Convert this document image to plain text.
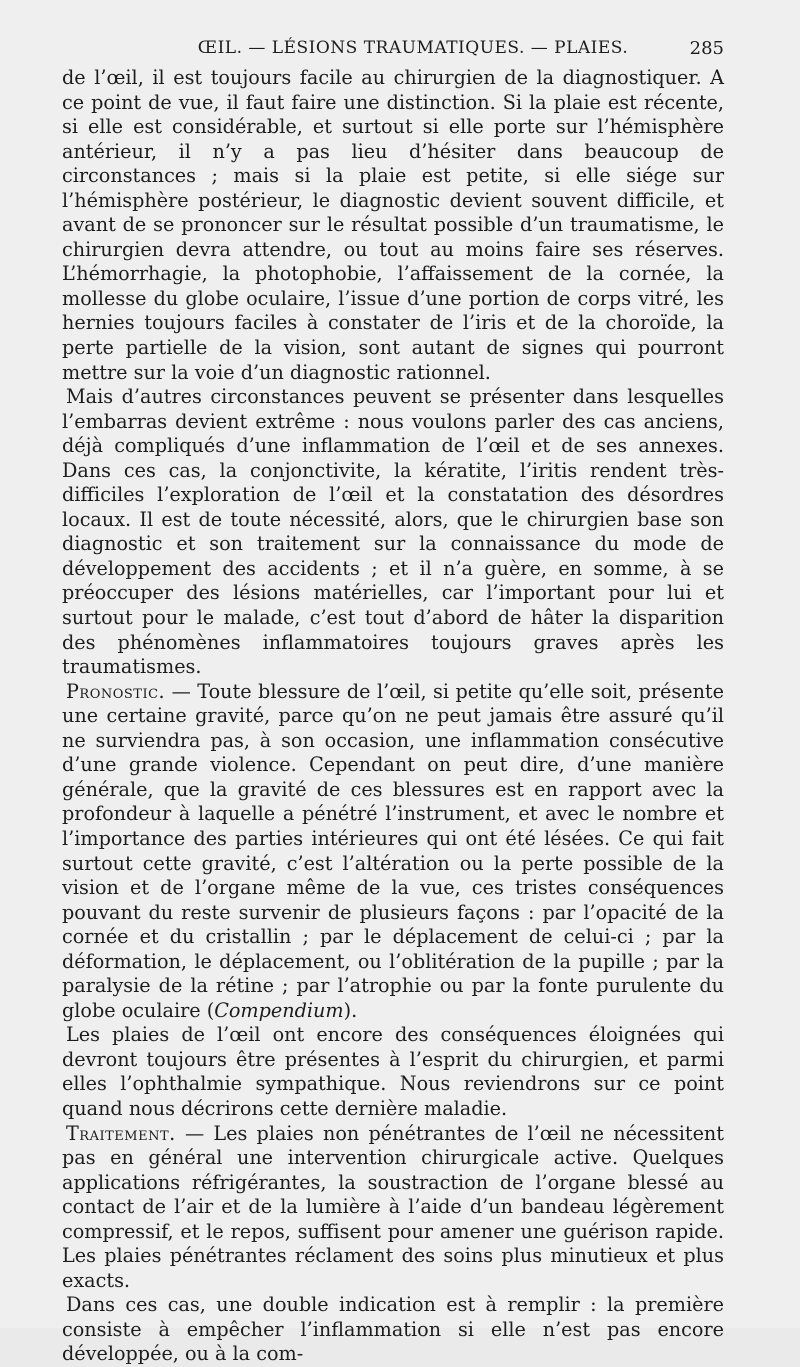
ŒIL. — LÉSIONS TRAUMATIQUES. — PLAIES.	285

de l’œil, il est toujours facile au chirurgien de la diagnostiquer. A ce point de vue, il faut faire une distinction. Si la plaie est récente, si elle est considérable, et surtout si elle porte sur l’hémisphère antérieur, il n’y a pas lieu d’hésiter dans beaucoup de circonstances ; mais si la plaie est petite, si elle siége sur l’hémisphère postérieur, le diagnostic devient souvent difficile, et avant de se prononcer sur le résultat possible d’un traumatisme, le chirurgien devra attendre, ou tout au moins faire ses réserves. L’hémorrhagie, la photophobie, l’affaissement de la cornée, la mollesse du globe oculaire, l’issue d’une portion de corps vitré, les hernies toujours faciles à constater de l’iris et de la choroïde, la perte partielle de la vision, sont autant de signes qui pourront mettre sur la voie d’un diagnostic rationnel.

Mais d’autres circonstances peuvent se présenter dans lesquelles l’embarras devient extrême : nous voulons parler des cas anciens, déjà compliqués d’une inflammation de l’œil et de ses annexes. Dans ces cas, la conjonctivite, la kératite, l’iritis rendent très-difficiles l’exploration de l’œil et la constatation des désordres locaux. Il est de toute nécessité, alors, que le chirurgien base son diagnostic et son traitement sur la connaissance du mode de développement des accidents ; et il n’a guère, en somme, à se préoccuper des lésions matérielles, car l’important pour lui et surtout pour le malade, c’est tout d’abord de hâter la disparition des phénomènes inflammatoires toujours graves après les traumatismes.

Pronostic. — Toute blessure de l’œil, si petite qu’elle soit, présente une certaine gravité, parce qu’on ne peut jamais être assuré qu’il ne surviendra pas, à son occasion, une inflammation consécutive d’une grande violence. Cependant on peut dire, d’une manière générale, que la gravité de ces blessures est en rapport avec la profondeur à laquelle a pénétré l’instrument, et avec le nombre et l’importance des parties intérieures qui ont été lésées. Ce qui fait surtout cette gravité, c’est l’altération ou la perte possible de la vision et de l’organe même de la vue, ces tristes conséquences pouvant du reste survenir de plusieurs façons : par l’opacité de la cornée et du cristallin ; par le déplacement de celui-ci ; par la déformation, le déplacement, ou l’oblitération de la pupille ; par la paralysie de la rétine ; par l’atrophie ou par la fonte purulente du globe oculaire (Compendium).

Les plaies de l’œil ont encore des conséquences éloignées qui devront toujours être présentes à l’esprit du chirurgien, et parmi elles l’ophthalmie sympathique. Nous reviendrons sur ce point quand nous décrirons cette dernière maladie.

Traitement. — Les plaies non pénétrantes de l’œil ne nécessitent pas en général une intervention chirurgicale active. Quelques applications réfrigérantes, la soustraction de l’organe blessé au contact de l’air et de la lumière à l’aide d’un bandeau légèrement compressif, et le repos, suffisent pour amener une guérison rapide. Les plaies pénétrantes réclament des soins plus minutieux et plus exacts.

Dans ces cas, une double indication est à remplir : la première consiste à empêcher l’inflammation si elle n’est pas encore développée, ou à la com-
